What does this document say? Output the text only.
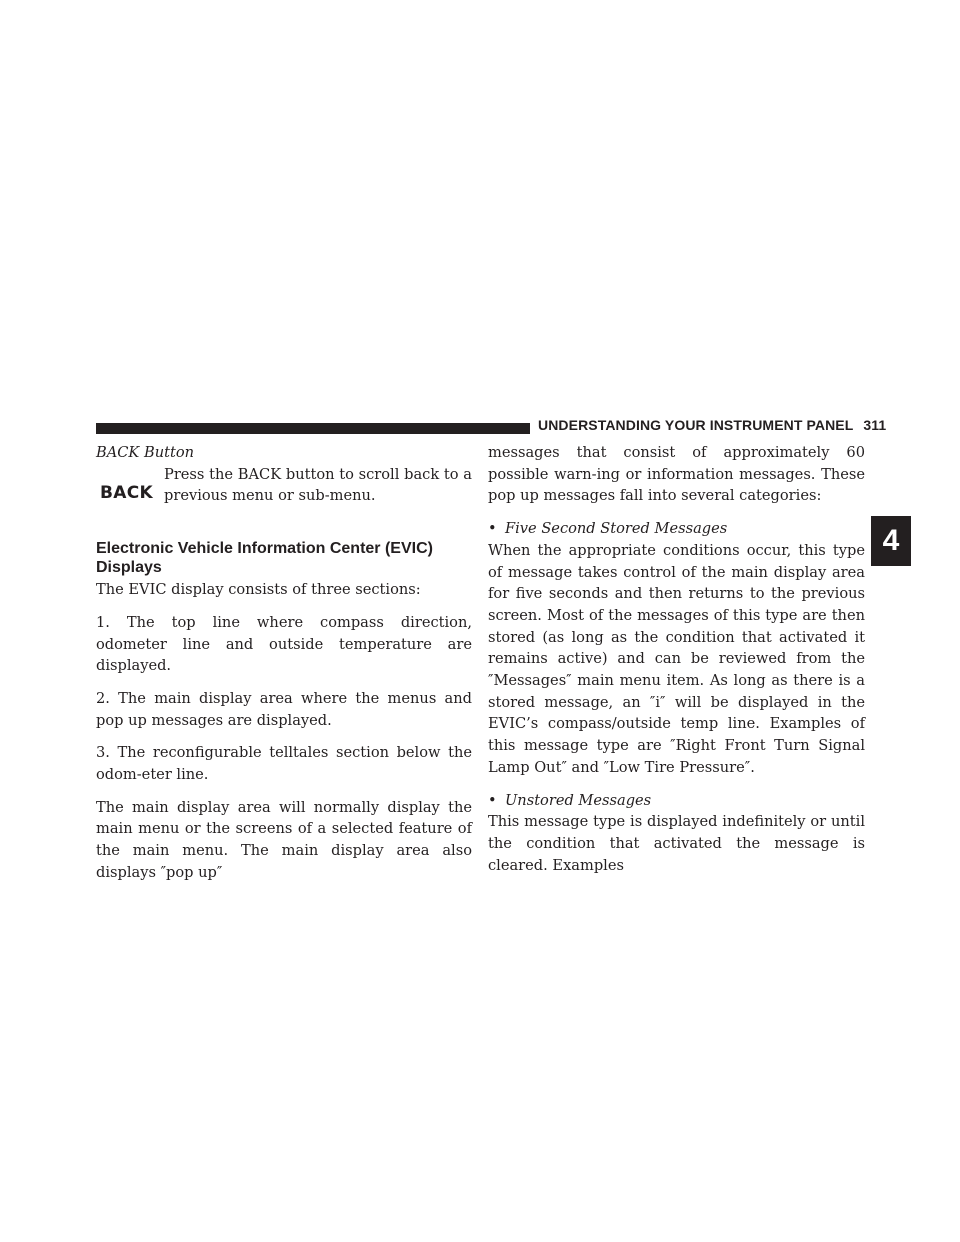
UNDERSTANDING YOUR INSTRUMENT PANEL 311
4

BACK Button

BACK

Press the BACK button to scroll back to a previous menu or sub-menu.

Electronic Vehicle Information Center (EVIC)
Displays

The EVIC display consists of three sections:

1. The top line where compass direction, odometer line and outside temperature are displayed.

2. The main display area where the menus and pop up messages are displayed.

3. The reconfigurable telltales section below the odom-eter line.

The main display area will normally display the main menu or the screens of a selected feature of the main menu. The main display area also displays ″pop up″

messages that consist of approximately 60 possible warn-ing or information messages. These pop up messages fall into several categories:

• Five Second Stored Messages

When the appropriate conditions occur, this type of message takes control of the main display area for five seconds and then returns to the previous screen. Most of the messages of this type are then stored (as long as the condition that activated it remains active) and can be reviewed from the ″Messages″ main menu item. As long as there is a stored message, an ″i″ will be displayed in the EVIC’s compass/outside temp line. Examples of this message type are ″Right Front Turn Signal Lamp Out″ and ″Low Tire Pressure″.

• Unstored Messages

This message type is displayed indefinitely or until the condition that activated the message is cleared. Examples
